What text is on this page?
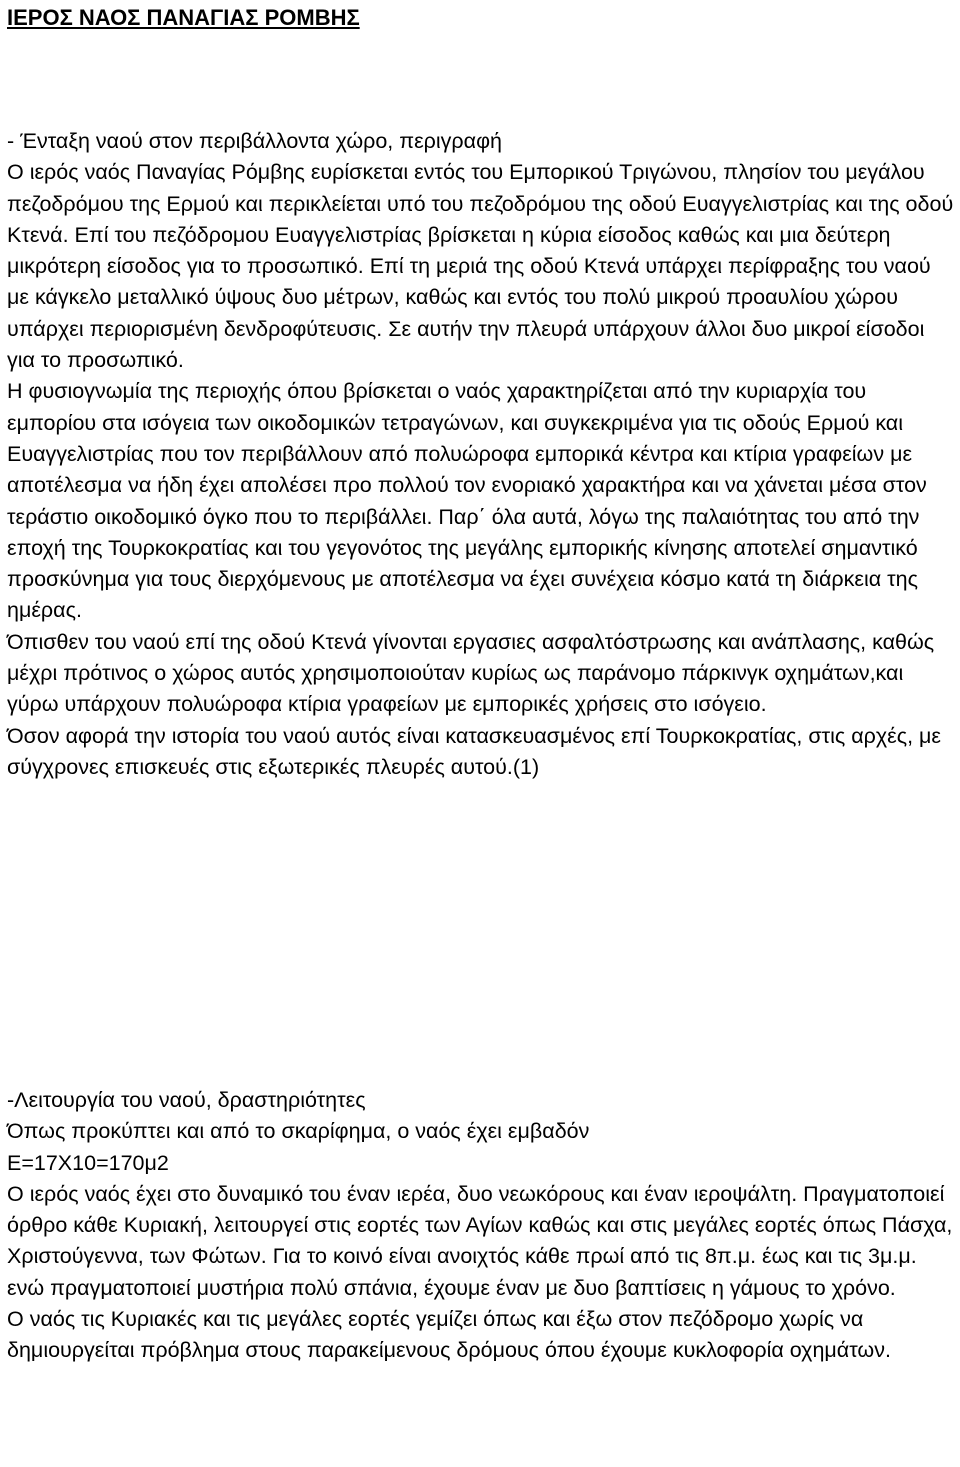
ΙΕΡΟΣ ΝΑΟΣ ΠΑΝΑΓΙΑΣ ΡΟΜΒΗΣ

- Ένταξη ναού στον περιβάλλοντα χώρο, περιγραφή

Ο ιερός ναός Παναγίας Ρόμβης ευρίσκεται εντός του Εμπορικού Τριγώνου, πλησίον του μεγάλου πεζοδρόμου της Ερμού και περικλείεται υπό του πεζοδρόμου της οδού Ευαγγελιστρίας και της οδού Κτενά. Επί του πεζόδρομου Ευαγγελιστρίας βρίσκεται η κύρια είσοδος καθώς και μια δεύτερη μικρότερη είσοδος για το προσωπικό. Επί τη μεριά της οδού Κτενά υπάρχει περίφραξης του ναού με κάγκελο μεταλλικό ύψους δυο μέτρων, καθώς και εντός του πολύ μικρού προαυλίου χώρου υπάρχει περιορισμένη δενδροφύτευσις. Σε αυτήν την πλευρά υπάρχουν άλλοι δυο μικροί είσοδοι για το προσωπικό.

Η φυσιογνωμία της περιοχής όπου βρίσκεται ο ναός χαρακτηρίζεται από την κυριαρχία του εμπορίου στα ισόγεια των οικοδομικών τετραγώνων, και συγκεκριμένα για τις οδούς Ερμού και Ευαγγελιστρίας που τον περιβάλλουν από πολυώροφα εμπορικά κέντρα και κτίρια γραφείων με αποτέλεσμα να ήδη έχει απολέσει προ πολλού τον ενοριακό χαρακτήρα και να χάνεται μέσα στον τεράστιο οικοδομικό όγκο που το περιβάλλει. Παρ΄ όλα αυτά, λόγω της παλαιότητας του από την εποχή της Τουρκοκρατίας και του γεγονότος της μεγάλης εμπορικής κίνησης αποτελεί σημαντικό προσκύνημα για τους διερχόμενους με αποτέλεσμα να έχει συνέχεια κόσμο κατά τη διάρκεια της ημέρας.

Όπισθεν του ναού επί της οδού Κτενά γίνονται εργασιες ασφαλτόστρωσης και ανάπλασης, καθώς μέχρι πρότινος ο χώρος αυτός χρησιμοποιούταν κυρίως ως παράνομο πάρκινγκ οχημάτων,και γύρω υπάρχουν πολυώροφα κτίρια γραφείων με εμπορικές χρήσεις στο ισόγειο.

Όσον αφορά την ιστορία του ναού αυτός είναι κατασκευασμένος επί Τουρκοκρατίας, στις αρχές, με σύγχρονες επισκευές στις εξωτερικές πλευρές αυτού.(1)

-Λειτουργία του ναού, δραστηριότητες

Όπως προκύπτει και από το σκαρίφημα, ο ναός έχει εμβαδόν

Ε=17Χ10=170μ2

Ο ιερός ναός έχει στο δυναμικό του έναν ιερέα, δυο νεωκόρους και έναν ιεροψάλτη. Πραγματοποιεί όρθρο κάθε Κυριακή, λειτουργεί στις εορτές των Αγίων καθώς και στις μεγάλες εορτές όπως Πάσχα, Χριστούγεννα, των Φώτων. Για το κοινό είναι ανοιχτός κάθε πρωί από τις 8π.μ. έως και τις 3μ.μ. ενώ πραγματοποιεί μυστήρια πολύ σπάνια, έχουμε έναν με δυο βαπτίσεις η γάμους το χρόνο.

Ο ναός τις Κυριακές και τις μεγάλες εορτές γεμίζει όπως και έξω στον πεζόδρομο χωρίς να δημιουργείται πρόβλημα στους παρακείμενους δρόμους όπου έχουμε κυκλοφορία οχημάτων.
